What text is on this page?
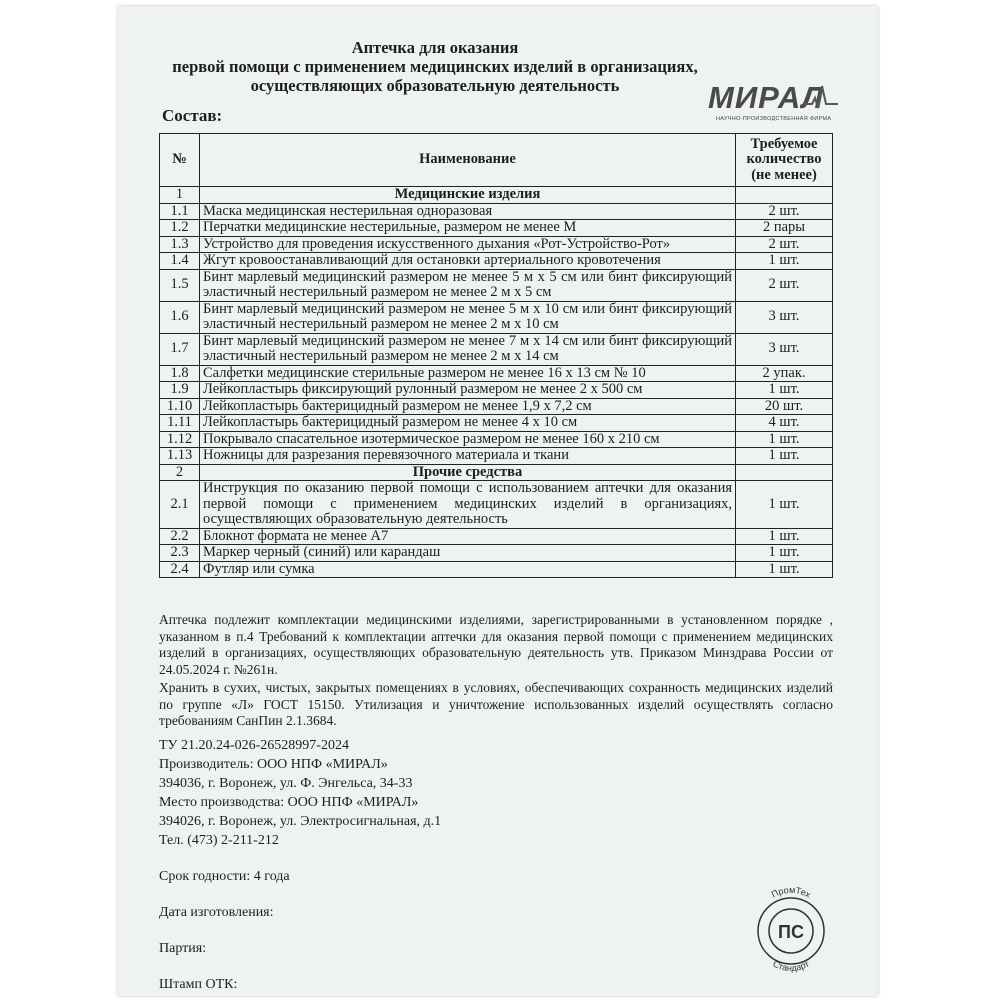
Аптечка для оказания
первой помощи с применением медицинских изделий в организациях,
осуществляющих образовательную деятельность	МИРАЛ
НАУЧНО-ПРОИЗВОДСТВЕННАЯ ФИРМА
Состав:
№	Наименование	Требуемое
количество
(не менее)

1	Медицинские изделия	
1.1	Маска медицинская нестерильная одноразовая	2 шт.
1.2	Перчатки медицинские нестерильные, размером не менее М	2 пары
1.3	Устройство для проведения искусственного дыхания «Рот-Устройство-Рот»	2 шт.
1.4	Жгут кровоостанавливающий для остановки артериального кровотечения	1 шт.
1.5	Бинт марлевый медицинский размером не менее 5 м х 5 см или бинт фиксирующий эластичный нестерильный размером не менее 2 м х 5 см	2 шт.
1.6	Бинт марлевый медицинский размером не менее 5 м х 10 см или бинт фиксирующий эластичный нестерильный размером не менее 2 м х 10 см	3 шт.
1.7	Бинт марлевый медицинский размером не менее 7 м х 14 см или бинт фиксирующий эластичный нестерильный размером не менее 2 м х 14 см	3 шт.
1.8	Салфетки медицинские стерильные размером не менее 16 х 13 см № 10	2 упак.
1.9	Лейкопластырь фиксирующий рулонный размером не менее 2 х 500 см	1 шт.
1.10	Лейкопластырь бактерицидный размером не менее 1,9 х 7,2 см	20 шт.
1.11	Лейкопластырь бактерицидный размером не менее 4 х 10 см	4 шт.
1.12	Покрывало спасательное изотермическое размером не менее 160 х 210 см	1 шт.
1.13	Ножницы для разрезания перевязочного материала и ткани	1 шт.
2	Прочие средства	
2.1	Инструкция по оказанию первой помощи с использованием аптечки для оказания первой помощи с применением медицинских изделий в организациях, осуществляющих образовательную деятельность	1 шт.
2.2	Блокнот формата не менее А7	1 шт.
2.3	Маркер черный (синий) или карандаш	1 шт.
2.4	Футляр или сумка	1 шт.
Аптечка подлежит комплектации медицинскими изделиями, зарегистрированными в установленном порядке , указанном в п.4 Требований к комплектации аптечки для оказания первой помощи с применением медицинских изделий в организациях, осуществляющих образовательную деятельность утв. Приказом Минздрава России от 24.05.2024 г. №261н.
Хранить в сухих, чистых, закрытых помещениях в условиях, обеспечивающих сохранность медицинских изделий по группе «Л» ГОСТ 15150. Утилизация и уничтожение использованных изделий осуществлять согласно требованиям СанПин 2.1.3684.

ТУ 21.20.24-026-26528997-2024

Производитель: ООО НПФ «МИРАЛ»

394036, г. Воронеж, ул. Ф. Энгельса, 34-33

Место производства: ООО НПФ «МИРАЛ»

394026, г. Воронеж, ул. Электросигнальная, д.1

Тел. (473) 2-211-212

Срок годности: 4 года

Дата изготовления:

Партия:

Штамп ОТК:

ПромТех
Стандарт
ПС
